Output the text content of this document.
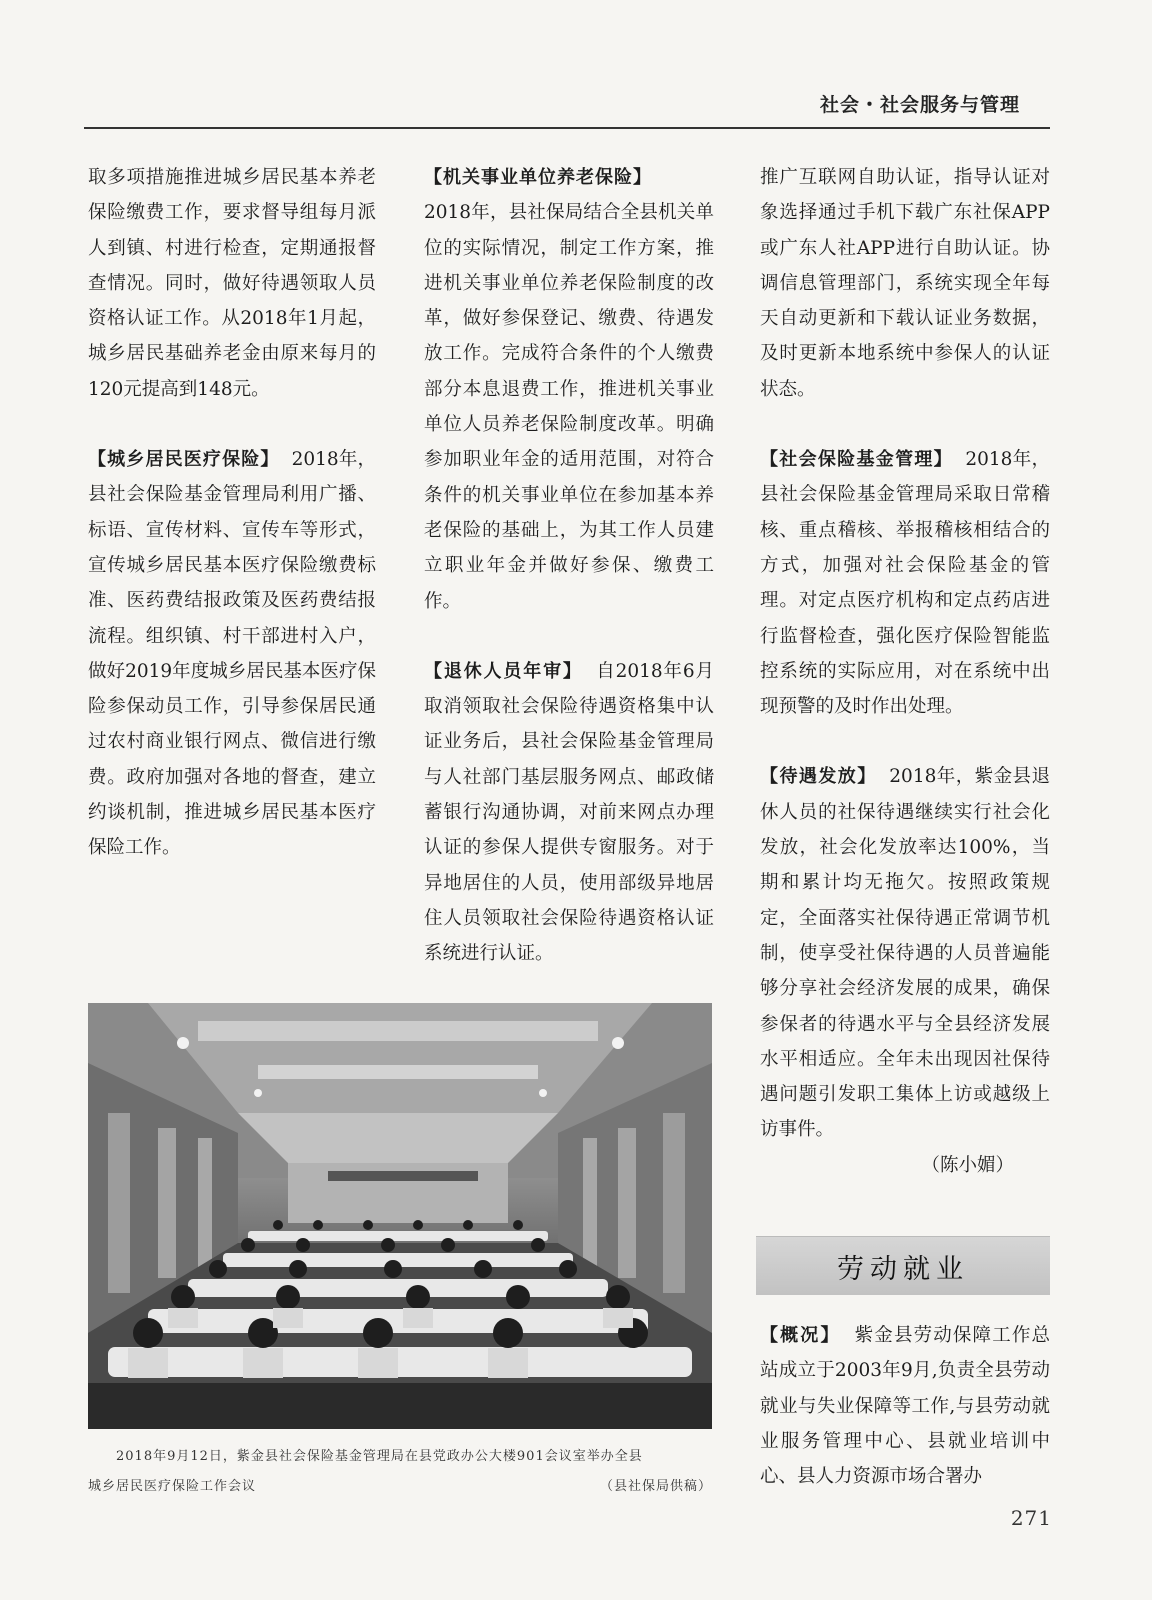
社会・社会服务与管理

取多项措施推进城乡居民基本养老保险缴费工作，要求督导组每月派人到镇、村进行检查，定期通报督查情况。同时，做好待遇领取人员资格认证工作。从2018年1月起，城乡居民基础养老金由原来每月的120元提高到148元。

【城乡居民医疗保险】 2018年，县社会保险基金管理局利用广播、标语、宣传材料、宣传车等形式，宣传城乡居民基本医疗保险缴费标准、医药费结报政策及医药费结报流程。组织镇、村干部进村入户，做好2019年度城乡居民基本医疗保险参保动员工作，引导参保居民通过农村商业银行网点、微信进行缴费。政府加强对各地的督查，建立约谈机制，推进城乡居民基本医疗保险工作。

【机关事业单位养老保险】
2018年，县社保局结合全县机关单位的实际情况，制定工作方案，推进机关事业单位养老保险制度的改革，做好参保登记、缴费、待遇发放工作。完成符合条件的个人缴费部分本息退费工作，推进机关事业单位人员养老保险制度改革。明确参加职业年金的适用范围，对符合条件的机关事业单位在参加基本养老保险的基础上，为其工作人员建立职业年金并做好参保、缴费工作。

【退休人员年审】 自2018年6月取消领取社会保险待遇资格集中认证业务后，县社会保险基金管理局与人社部门基层服务网点、邮政储蓄银行沟通协调，对前来网点办理认证的参保人提供专窗服务。对于异地居住的人员，使用部级异地居住人员领取社会保险待遇资格认证系统进行认证。

推广互联网自助认证，指导认证对象选择通过手机下载广东社保APP或广东人社APP进行自助认证。协调信息管理部门，系统实现全年每天自动更新和下载认证业务数据，及时更新本地系统中参保人的认证状态。

【社会保险基金管理】 2018年，县社会保险基金管理局采取日常稽核、重点稽核、举报稽核相结合的方式，加强对社会保险基金的管理。对定点医疗机构和定点药店进行监督检查，强化医疗保险智能监控系统的实际应用，对在系统中出现预警的及时作出处理。

【待遇发放】 2018年，紫金县退休人员的社保待遇继续实行社会化发放，社会化发放率达100%，当期和累计均无拖欠。按照政策规定，全面落实社保待遇正常调节机制，使享受社保待遇的人员普遍能够分享社会经济发展的成果，确保参保者的待遇水平与全县经济发展水平相适应。全年未出现因社保待遇问题引发职工集体上访或越级上访事件。

（陈小媚）

劳动就业

【概况】 紫金县劳动保障工作总站成立于2003年9月,负责全县劳动就业与失业保障等工作,与县劳动就业服务管理中心、县就业培训中心、县人力资源市场合署办

2018年9月12日，紫金县社会保险基金管理局在县党政办公大楼901会议室举办全县
城乡居民医疗保险工作会议	（县社保局供稿）
271
